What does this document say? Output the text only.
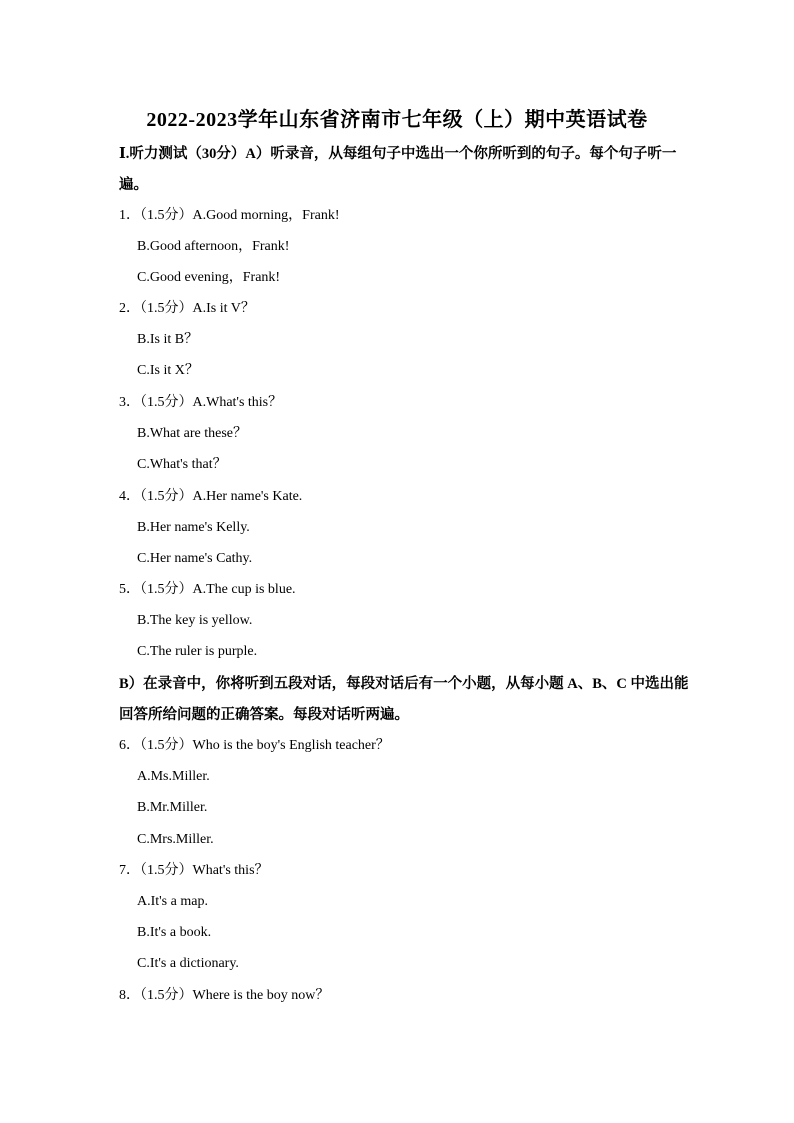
2022-2023学年山东省济南市七年级（上）期中英语试卷
Ⅰ.听力测试（30分）A）听录音，从每组句子中选出一个你所听到的句子。每个句子听一
遍。
1．（1.5分）A.Good morning，Frank!
B.Good afternoon，Frank!
C.Good evening，Frank!
2．（1.5分）A.Is it V？
B.Is it B？
C.Is it X？
3．（1.5分）A.What's this？
B.What are these？
C.What's that？
4．（1.5分）A.Her name's Kate.
B.Her name's Kelly.
C.Her name's Cathy.
5．（1.5分）A.The cup is blue.
B.The key is yellow.
C.The ruler is purple.
B）在录音中，你将听到五段对话，每段对话后有一个小题，从每小题 A、B、C 中选出能
回答所给问题的正确答案。每段对话听两遍。
6．（1.5分）Who is the boy's English teacher？
A.Ms.Miller.
B.Mr.Miller.
C.Mrs.Miller.
7．（1.5分）What's this？
A.It's a map.
B.It's a book.
C.It's a dictionary.
8．（1.5分）Where is the boy now？
